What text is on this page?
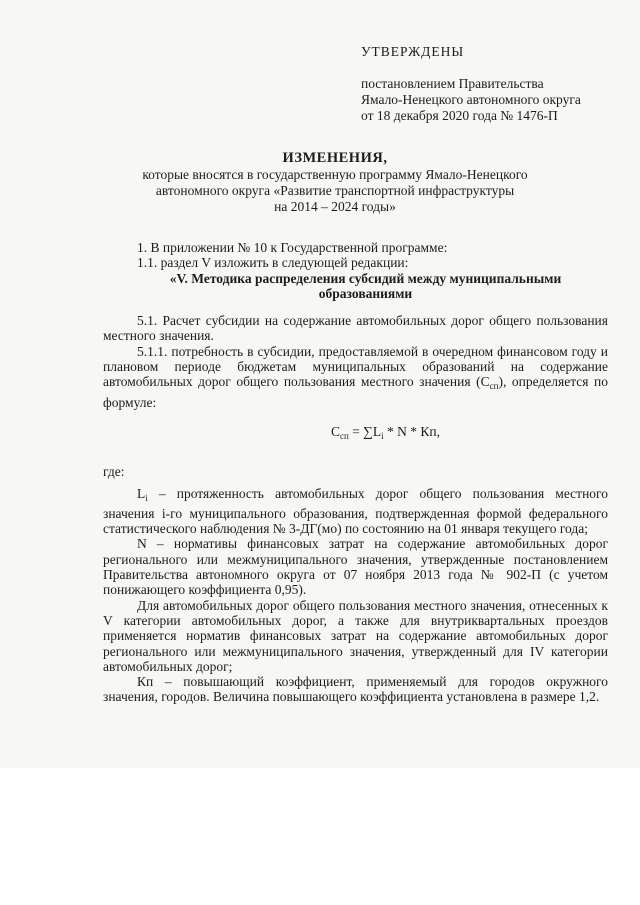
УТВЕРЖДЕНЫ
постановлением Правительства
Ямало-Ненецкого автономного округа
от 18 декабря 2020 года № 1476-П
ИЗМЕНЕНИЯ,
которые вносятся в государственную программу Ямало-Ненецкого
автономного округа «Развитие транспортной инфраструктуры
на 2014 – 2024 годы»

1. В приложении № 10 к Государственной программе:

1.1. раздел V изложить в следующей редакции:

«V. Методика распределения субсидий между муниципальными образованиями

5.1. Расчет субсидии на содержание автомобильных дорог общего пользования местного значения.

5.1.1. потребность в субсидии, предоставляемой в очередном финансовом году и плановом периоде бюджетам муниципальных образований на содержание автомобильных дорог общего пользования местного значения $(С_{сп})$, определяется по формуле:

$С_{сп} = \sum L_i * N$ * Кп,

где:

$L_i$ – протяженность автомобильных дорог общего пользования местного значения i-го муниципального образования, подтвержденная формой федерального статистического наблюдения № 3-ДГ(мо) по состоянию на 01 января текущего года;

N – нормативы финансовых затрат на содержание автомобильных дорог регионального или межмуниципального значения, утвержденные постановлением Правительства автономного округа от 07 ноября 2013 года № 902-П (с учетом понижающего коэффициента 0,95).

Для автомобильных дорог общего пользования местного значения, отнесенных к V категории автомобильных дорог, а также для внутриквартальных проездов применяется норматив финансовых затрат на содержание автомобильных дорог регионального или межмуниципального значения, утвержденный для IV категории автомобильных дорог;

Кп – повышающий коэффициент, применяемый для городов окружного значения, городов. Величина повышающего коэффициента установлена в размере 1,2.
